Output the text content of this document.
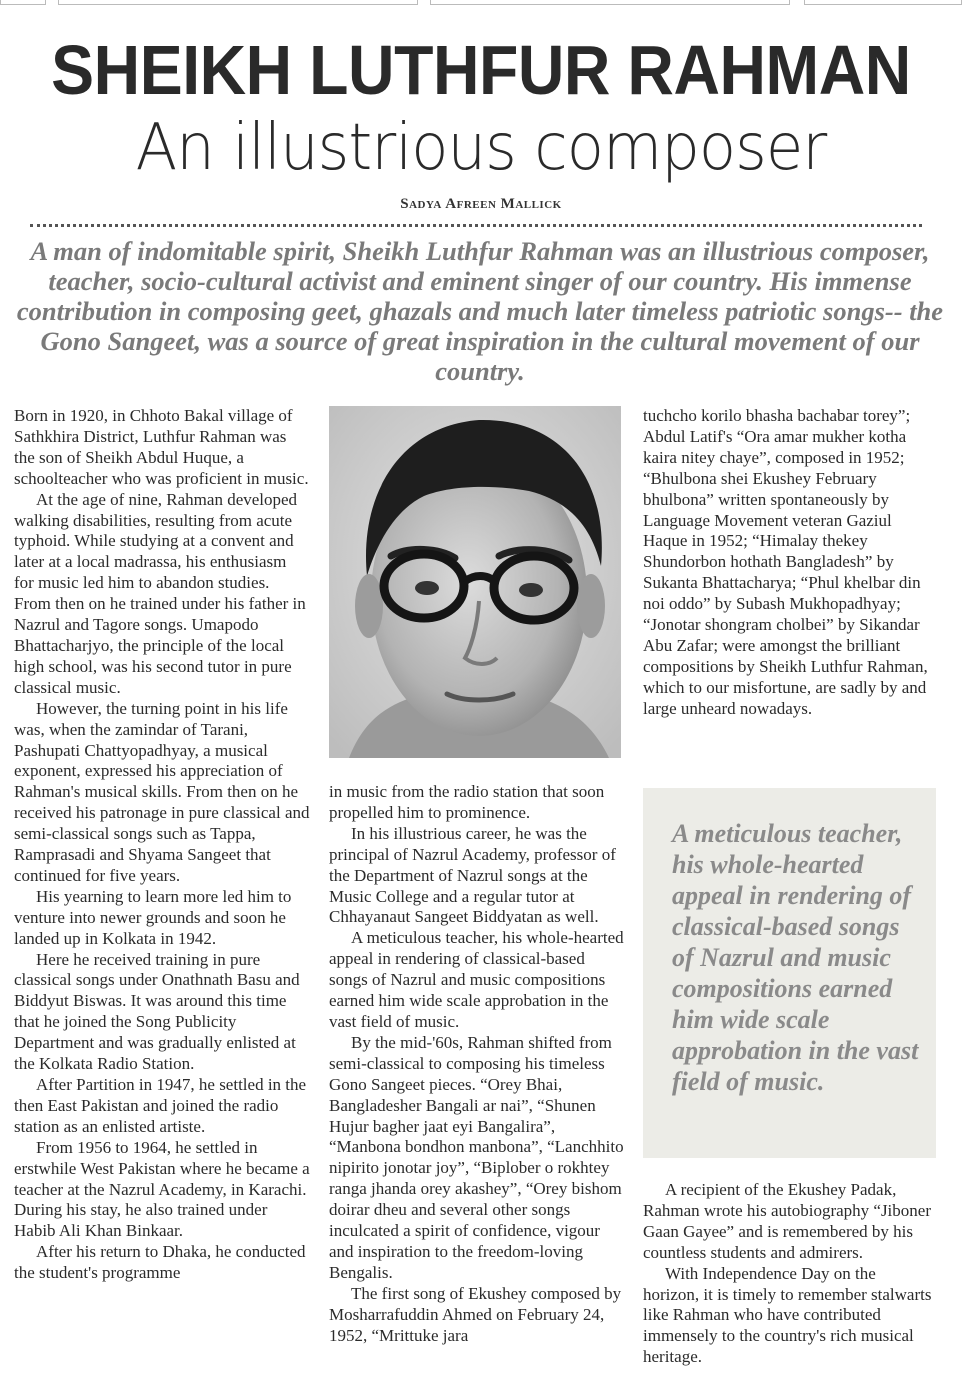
SHEIKH LUTHFUR RAHMAN
An illustrious composer
Sadya Afreen Mallick

A man of indomitable spirit, Sheikh Luthfur Rahman was an illustrious composer, teacher, socio-cultural activist and eminent singer of our country. His immense contribution in composing geet, ghazals and much later timeless patriotic songs-- the Gono Sangeet, was a source of great inspiration in the cultural movement of our country.

Born in 1920, in Chhoto Bakal village of Sathkhira District, Luthfur Rahman was the son of Sheikh Abdul Huque, a schoolteacher who was proficient in music.

At the age of nine, Rahman developed walking disabilities, resulting from acute typhoid. While studying at a convent and later at a local madrassa, his enthusiasm for music led him to abandon studies. From then on he trained under his father in Nazrul and Tagore songs. Umapodo Bhattacharjyo, the principle of the local high school, was his second tutor in pure classical music.

However, the turning point in his life was, when the zamindar of Tarani, Pashupati Chattyopadhyay, a musical exponent, expressed his appreciation of Rahman's musical skills. From then on he received his patronage in pure classical and semi-classical songs such as Tappa, Ramprasadi and Shyama Sangeet that continued for five years.

His yearning to learn more led him to venture into newer grounds and soon he landed up in Kolkata in 1942.

Here he received training in pure classical songs under Onathnath Basu and Biddyut Biswas. It was around this time that he joined the Song Publicity Department and was gradually enlisted at the Kolkata Radio Station.

After Partition in 1947, he settled in the then East Pakistan and joined the radio station as an enlisted artiste.

From 1956 to 1964, he settled in erstwhile West Pakistan where he became a teacher at the Nazrul Academy, in Karachi. During his stay, he also trained under Habib Ali Khan Binkaar.

After his return to Dhaka, he conducted the student's programme

in music from the radio station that soon propelled him to prominence.

In his illustrious career, he was the principal of Nazrul Academy, professor of the Department of Nazrul songs at the Music College and a regular tutor at Chhayanaut Sangeet Biddyatan as well.

A meticulous teacher, his whole-hearted appeal in rendering of classical-based songs of Nazrul and music compositions earned him wide scale approbation in the vast field of music.

By the mid-'60s, Rahman shifted from semi-classical to composing his timeless Gono Sangeet pieces. “Orey Bhai, Bangladesher Bangali ar nai”, “Shunen Hujur bagher jaat eyi Bangalira”, “Manbona bondhon manbona”, “Lanchhito nipirito jonotar joy”, “Biplober o rokhtey ranga jhanda orey akashey”, “Orey bishom doirar dheu and several other songs inculcated a spirit of confidence, vigour and inspiration to the freedom-loving Bengalis.

The first song of Ekushey composed by Mosharrafuddin Ahmed on February 24, 1952, “Mrittuke jara

tuchcho korilo bhasha bachabar torey”; Abdul Latif's “Ora amar mukher kotha kaira nitey chaye”, composed in 1952; “Bhulbona shei Ekushey February bhulbona” written spontaneously by Language Movement veteran Gaziul Haque in 1952; “Himalay thekey Shundorbon hothath Bangladesh” by Sukanta Bhattacharya; “Phul khelbar din noi oddo” by Subash Mukhopadhyay; “Jonotar shongram cholbei” by Sikandar Abu Zafar; were amongst the brilliant compositions by Sheikh Luthfur Rahman, which to our misfortune, are sadly by and large unheard nowadays.

A meticulous teacher, his whole-hearted appeal in rendering of classical-based songs of Nazrul and music compositions earned him wide scale approbation in the vast field of music.

A recipient of the Ekushey Padak, Rahman wrote his autobiography “Jiboner Gaan Gayee” and is remembered by his countless students and admirers.

With Independence Day on the horizon, it is timely to remember stalwarts like Rahman who have contributed immensely to the country's rich musical heritage.
